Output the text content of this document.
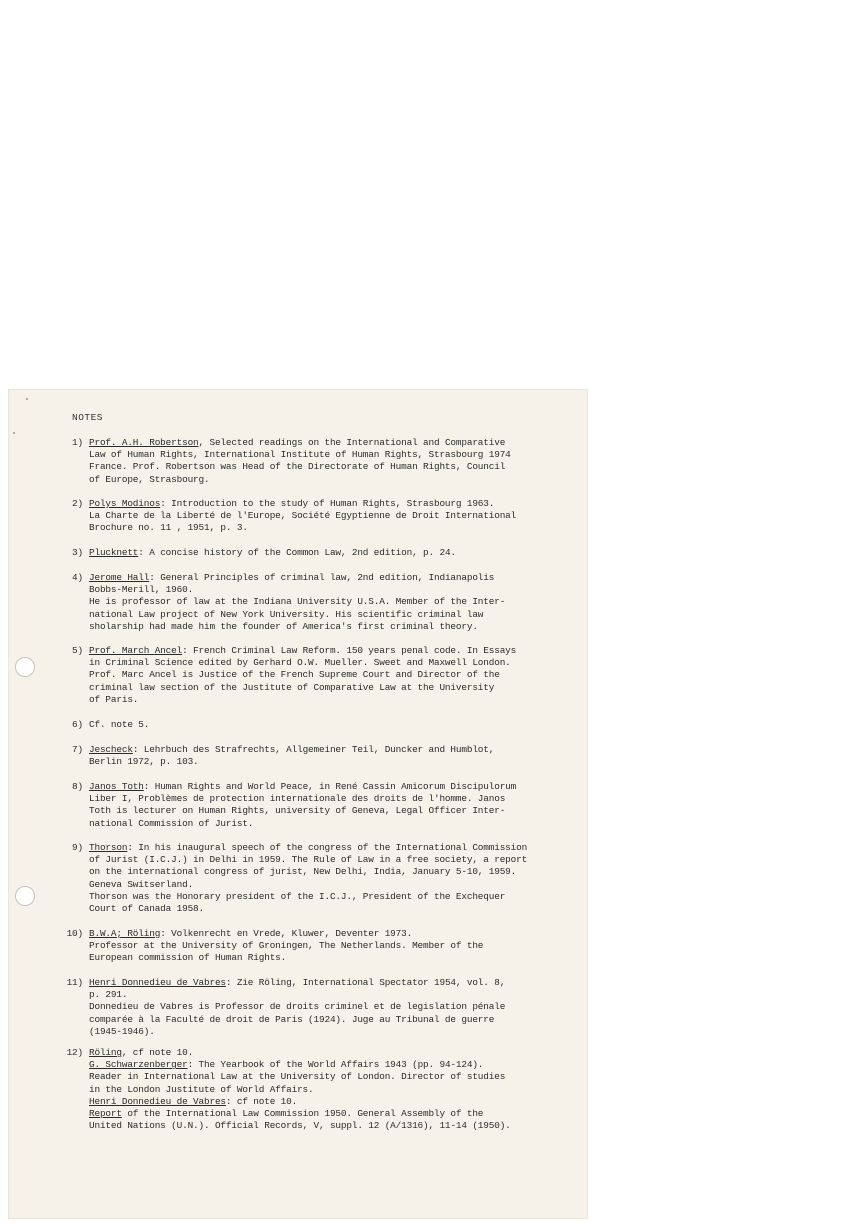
NOTES
1) Prof. A.H. Robertson, Selected readings on the International and Comparative
Law of Human Rights, International Institute of Human Rights, Strasbourg 1974
France. Prof. Robertson was Head of the Directorate of Human Rights, Council
of Europe, Strasbourg.
2) Polys Modinos: Introduction to the study of Human Rights, Strasbourg 1963.
La Charte de la Liberté de l'Europe, Société Egyptienne de Droit International
Brochure no. 11 , 1951, p. 3.
3) Plucknett: A concise history of the Common Law, 2nd edition, p. 24.
4) Jerome Hall: General Principles of criminal law, 2nd edition, Indianapolis
Bobbs-Merill, 1960.
He is professor of law at the Indiana University U.S.A. Member of the Inter-
national Law project of New York University. His scientific criminal law
sholarship had made him the founder of America's first criminal theory.
5) Prof. March Ancel: French Criminal Law Reform. 150 years penal code. In Essays
in Criminal Science edited by Gerhard O.W. Mueller. Sweet and Maxwell London.
Prof. Marc Ancel is Justice of the French Supreme Court and Director of the
criminal law section of the Justitute of Comparative Law at the University
of Paris.
6) Cf. note 5.
7) Jescheck: Lehrbuch des Strafrechts, Allgemeiner Teil, Duncker and Humblot,
Berlin 1972, p. 103.
8) Janos Toth: Human Rights and World Peace, in René Cassin Amicorum Discipulorum
Liber I, Problèmes de protection internationale des droits de l'homme. Janos
Toth is lecturer on Human Rights, university of Geneva, Legal Officer Inter-
national Commission of Jurist.
9) Thorson: In his inaugural speech of the congress of the International Commission
of Jurist (I.C.J.) in Delhi in 1959. The Rule of Law in a free society, a report
on the international congress of jurist, New Delhi, India, January 5-10, 1959.
Geneva Switserland.
Thorson was the Honorary president of the I.C.J., President of the Exchequer
Court of Canada 1958.
10) B.W.A; Röling: Volkenrecht en Vrede, Kluwer, Deventer 1973.
Professor at the University of Groningen, The Netherlands. Member of the
European commission of Human Rights.
11) Henri Donnedieu de Vabres: Zie Röling, International Spectator 1954, vol. 8,
p. 291.
Donnedieu de Vabres is Professor de droits criminel et de legislation pénale
comparée à la Faculté de droit de Paris (1924). Juge au Tribunal de guerre
(1945-1946).
12) Röling, cf note 10.
G. Schwarzenberger: The Yearbook of the World Affairs 1943 (pp. 94-124).
Reader in International Law at the University of London. Director of studies
in the London Justitute of World Affairs.
Henri Donnedieu de Vabres: cf note 10.
Report of the International Law Commission 1950. General Assembly of the
United Nations (U.N.). Official Records, V, suppl. 12 (A/1316), 11-14 (1950).
